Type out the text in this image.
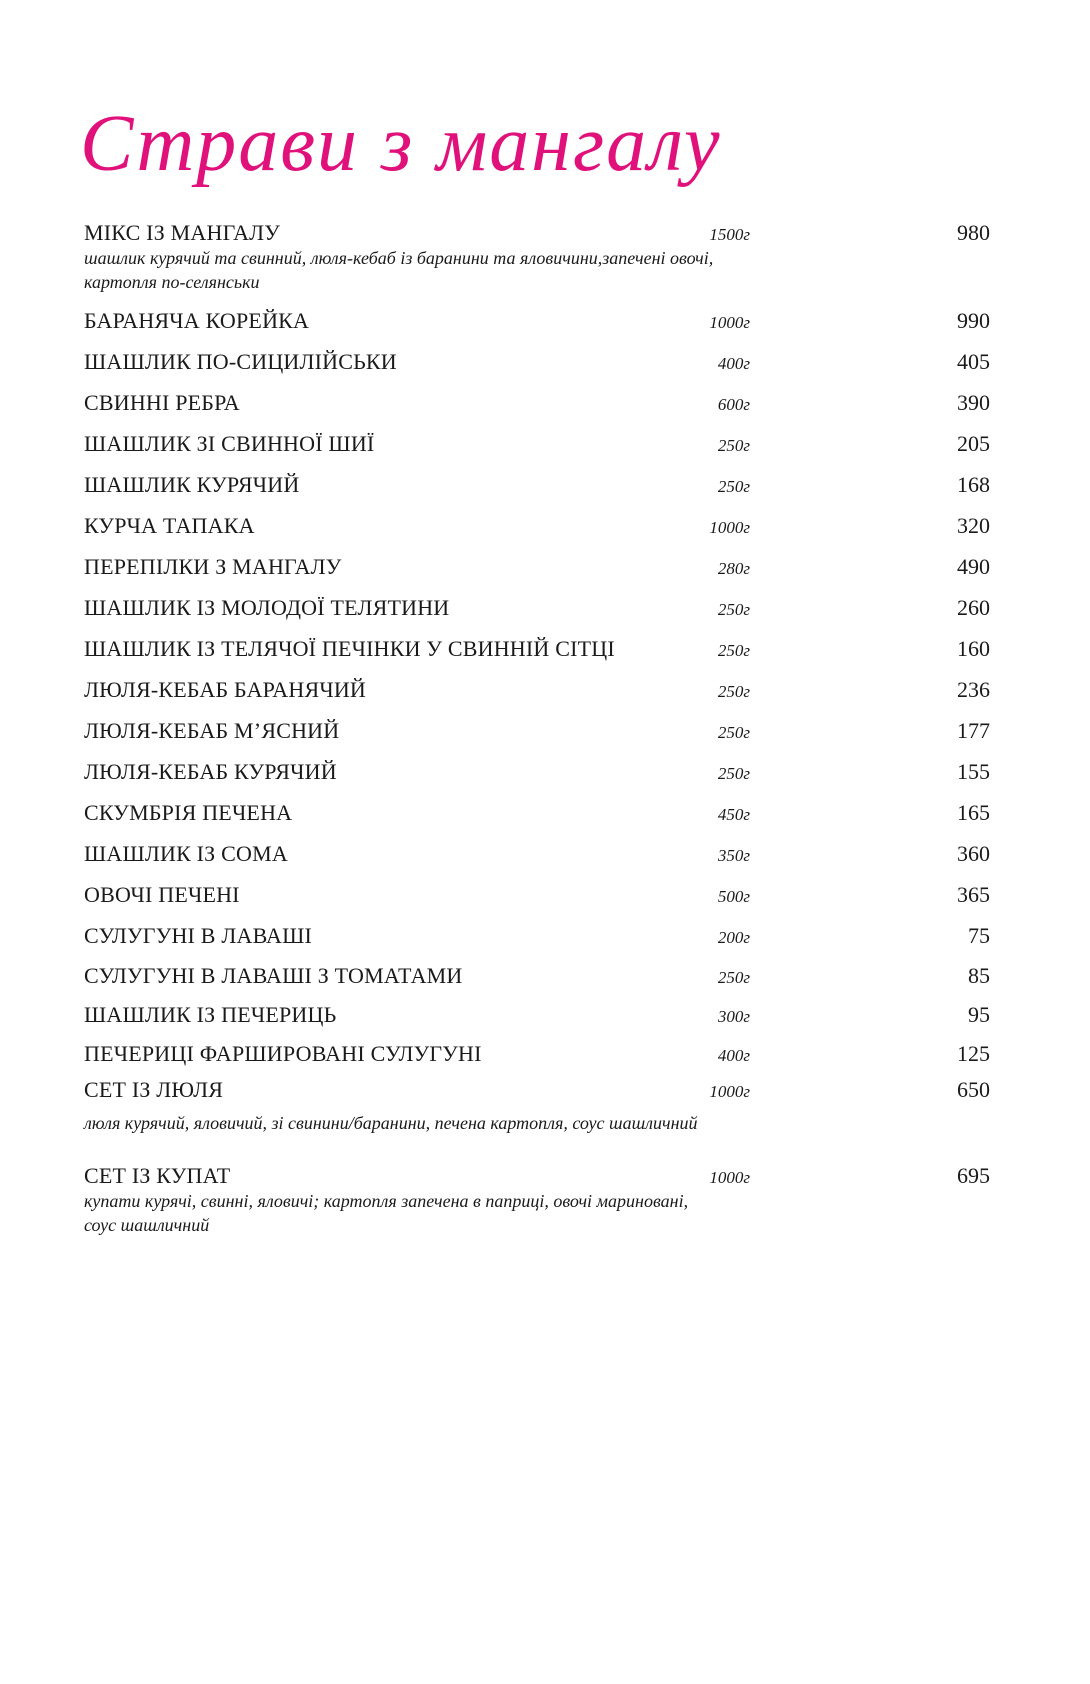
Страви з мангалу
МІКС ІЗ МАНГАЛУ	1500г	980
шашлик курячий та свинний, люля-кебаб із баранини та яловичини,запечені овочі, картопля по-селянськи
БАРАНЯЧА КОРЕЙКА	1000г	990
ШАШЛИК ПО-СИЦИЛІЙСЬКИ	400г	405
СВИННІ РЕБРА	600г	390
ШАШЛИК ЗІ СВИННОЇ ШИЇ	250г	205
ШАШЛИК КУРЯЧИЙ	250г	168
КУРЧА ТАПАКА	1000г	320
ПЕРЕПІЛКИ З МАНГАЛУ	280г	490
ШАШЛИК ІЗ МОЛОДОЇ ТЕЛЯТИНИ	250г	260
ШАШЛИК ІЗ ТЕЛЯЧОЇ ПЕЧІНКИ У СВИННІЙ СІТЦІ	250г	160
ЛЮЛЯ-КЕБАБ БАРАНЯЧИЙ	250г	236
ЛЮЛЯ-КЕБАБ М’ЯСНИЙ	250г	177
ЛЮЛЯ-КЕБАБ КУРЯЧИЙ	250г	155
СКУМБРІЯ ПЕЧЕНА	450г	165
ШАШЛИК ІЗ СОМА	350г	360
ОВОЧІ ПЕЧЕНІ	500г	365
СУЛУГУНІ В ЛАВАШІ	200г	75
СУЛУГУНІ В ЛАВАШІ З ТОМАТАМИ	250г	85
ШАШЛИК ІЗ ПЕЧЕРИЦЬ	300г	95
ПЕЧЕРИЦІ ФАРШИРОВАНІ СУЛУГУНІ	400г	125
СЕТ ІЗ ЛЮЛЯ	1000г	650
люля курячий, яловичий, зі свинини/баранини, печена картопля, соус шашличний
СЕТ ІЗ КУПАТ	1000г	695
купати курячі, свинні, яловичі; картопля запечена в паприці, овочі мариновані, соус шашличний
